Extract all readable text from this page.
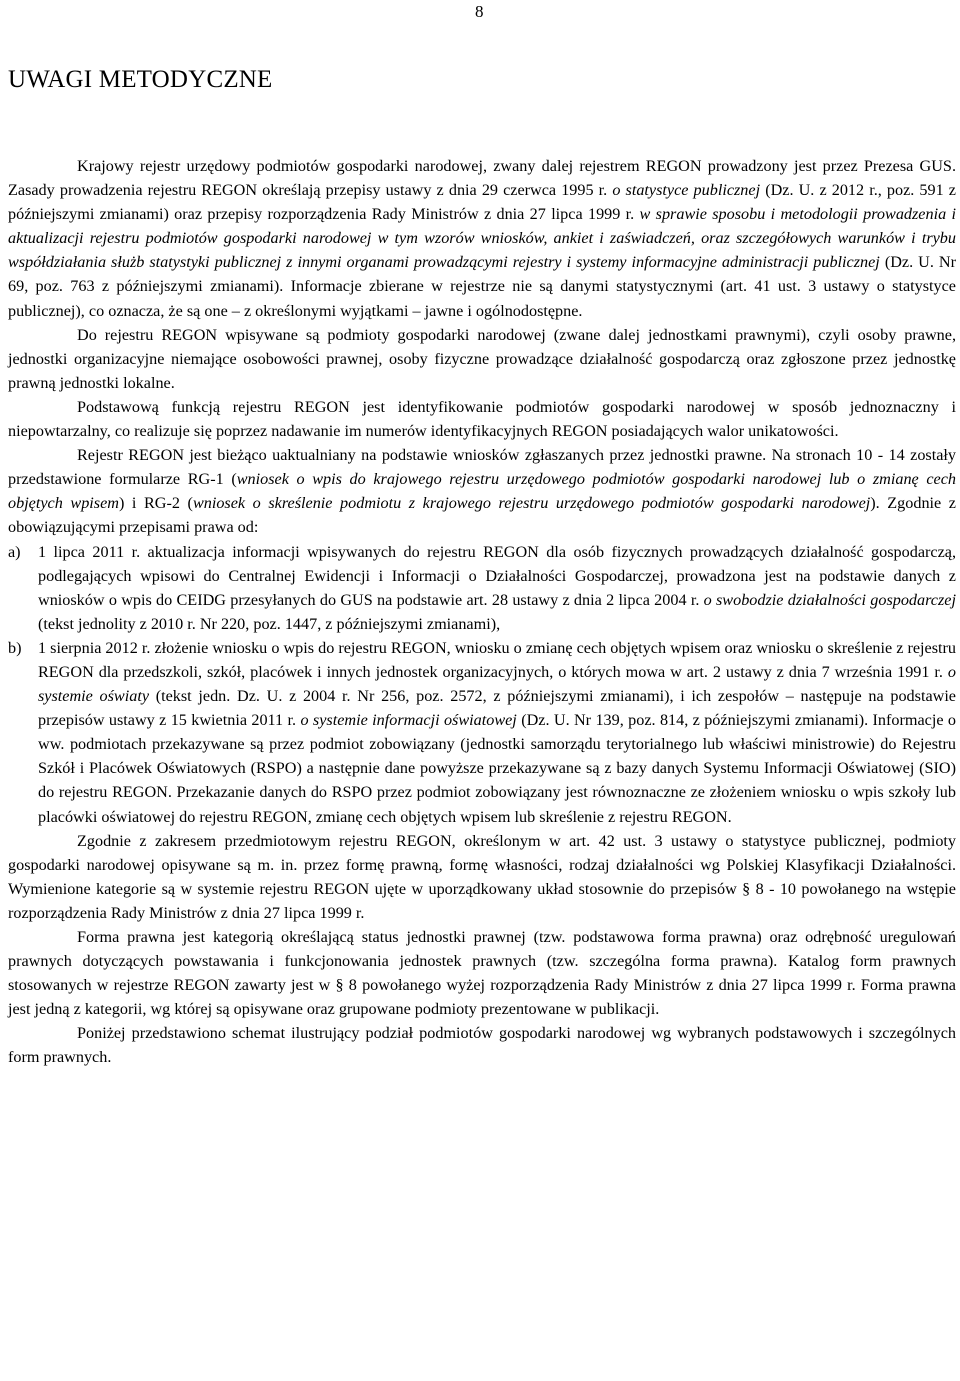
8
UWAGI METODYCZNE

Krajowy rejestr urzędowy podmiotów gospodarki narodowej, zwany dalej rejestrem REGON prowadzony jest przez Prezesa GUS. Zasady prowadzenia rejestru REGON określają przepisy ustawy z dnia 29 czerwca 1995 r. o statystyce publicznej (Dz. U. z 2012 r., poz. 591 z późniejszymi zmianami) oraz przepisy rozporządzenia Rady Ministrów z dnia 27 lipca 1999 r. w sprawie sposobu i metodologii prowadzenia i aktualizacji rejestru podmiotów gospodarki narodowej w tym wzorów wniosków, ankiet i zaświadczeń, oraz szczegółowych warunków i trybu współdziałania służb statystyki publicznej z innymi organami prowadzącymi rejestry i systemy informacyjne administracji publicznej (Dz. U. Nr 69, poz. 763 z późniejszymi zmianami). Informacje zbierane w rejestrze nie są danymi statystycznymi (art. 41 ust. 3 ustawy o statystyce publicznej), co oznacza, że są one – z określonymi wyjątkami – jawne i ogólnodostępne.

Do rejestru REGON wpisywane są podmioty gospodarki narodowej (zwane dalej jednostkami prawnymi), czyli osoby prawne, jednostki organizacyjne niemające osobowości prawnej, osoby fizyczne prowadzące działalność gospodarczą oraz zgłoszone przez jednostkę prawną jednostki lokalne.

Podstawową funkcją rejestru REGON jest identyfikowanie podmiotów gospodarki narodowej w sposób jednoznaczny i niepowtarzalny, co realizuje się poprzez nadawanie im numerów identyfikacyjnych REGON posiadających walor unikatowości.

Rejestr REGON jest bieżąco uaktualniany na podstawie wniosków zgłaszanych przez jednostki prawne. Na stronach 10 - 14 zostały przedstawione formularze RG-1 (wniosek o wpis do krajowego rejestru urzędowego podmiotów gospodarki narodowej lub o zmianę cech objętych wpisem) i RG-2 (wniosek o skreślenie podmiotu z krajowego rejestru urzędowego podmiotów gospodarki narodowej). Zgodnie z obowiązującymi przepisami prawa od:

a)	1 lipca 2011 r. aktualizacja informacji wpisywanych do rejestru REGON dla osób fizycznych prowadzących działalność gospodarczą, podlegających wpisowi do Centralnej Ewidencji i Informacji o Działalności Gospodarczej, prowadzona jest na podstawie danych z wniosków o wpis do CEIDG przesyłanych do GUS na podstawie art. 28 ustawy z dnia 2 lipca 2004 r. o swobodzie działalności gospodarczej (tekst jednolity z 2010 r. Nr 220, poz. 1447, z późniejszymi zmianami),
b)	1 sierpnia 2012 r. złożenie wniosku o wpis do rejestru REGON, wniosku o zmianę cech objętych wpisem oraz wniosku o skreślenie z rejestru REGON dla przedszkoli, szkół, placówek i innych jednostek organizacyjnych, o których mowa w art. 2 ustawy z dnia 7 września 1991 r. o systemie oświaty (tekst jedn. Dz. U. z 2004 r. Nr 256, poz. 2572, z późniejszymi zmianami), i ich zespołów – następuje na podstawie przepisów ustawy z 15 kwietnia 2011 r. o systemie informacji oświatowej (Dz. U. Nr 139, poz. 814, z późniejszymi zmianami). Informacje o ww. podmiotach przekazywane są przez podmiot zobowiązany (jednostki samorządu terytorialnego lub właściwi ministrowie) do Rejestru Szkół i Placówek Oświatowych (RSPO) a następnie dane powyższe przekazywane są z bazy danych Systemu Informacji Oświatowej (SIO) do rejestru REGON. Przekazanie danych do RSPO przez podmiot zobowiązany jest równoznaczne ze złożeniem wniosku o wpis szkoły lub placówki oświatowej do rejestru REGON, zmianę cech objętych wpisem lub skreślenie z rejestru REGON.

Zgodnie z zakresem przedmiotowym rejestru REGON, określonym w art. 42 ust. 3 ustawy o statystyce publicznej, podmioty gospodarki narodowej opisywane są m. in. przez formę prawną, formę własności, rodzaj działalności wg Polskiej Klasyfikacji Działalności. Wymienione kategorie są w systemie rejestru REGON ujęte w uporządkowany układ stosownie do przepisów § 8 - 10 powołanego na wstępie rozporządzenia Rady Ministrów z dnia 27 lipca 1999 r.

Forma prawna jest kategorią określającą status jednostki prawnej (tzw. podstawowa forma prawna) oraz odrębność uregulowań prawnych dotyczących powstawania i funkcjonowania jednostek prawnych (tzw. szczególna forma prawna). Katalog form prawnych stosowanych w rejestrze REGON zawarty jest w § 8 powołanego wyżej rozporządzenia Rady Ministrów z dnia 27 lipca 1999 r. Forma prawna jest jedną z kategorii, wg której są opisywane oraz grupowane podmioty prezentowane w publikacji.

Poniżej przedstawiono schemat ilustrujący podział podmiotów gospodarki narodowej wg wybranych podstawowych i szczególnych form prawnych.
